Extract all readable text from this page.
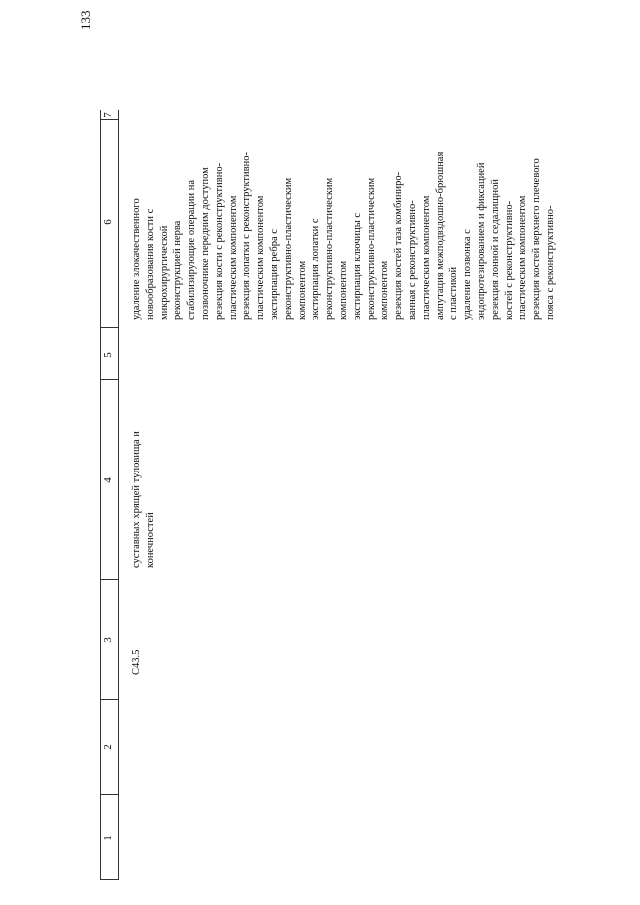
133
1
2
3
4
5
6
7
C43.5
суставных хрящей туловища и конечностей
удаление злокачественного новообразования кости с микрохирургической реконструкцией нерва стабилизирующие операции на позвоночнике передним доступом резекция кости с реконструктивно- пластическим компонентом резекция лопатки с реконструктивно- пластическим компонентом экстирпация ребра с реконструктивно-пластическим компонентом экстирпация лопатки с реконструктивно-пластическим компонентом экстирпация ключицы с реконструктивно-пластическим компонентом резекция костей таза комбиниро- ванная с реконструктивно- пластическим компонентом ампутация межподвздошно-брюшная с пластикой удаление позвонка с эндопротезированием и фиксацией резекция лонной и седалищной костей с реконструктивно- пластическим компонентом резекция костей верхнего плечевого пояса с реконструктивно-
